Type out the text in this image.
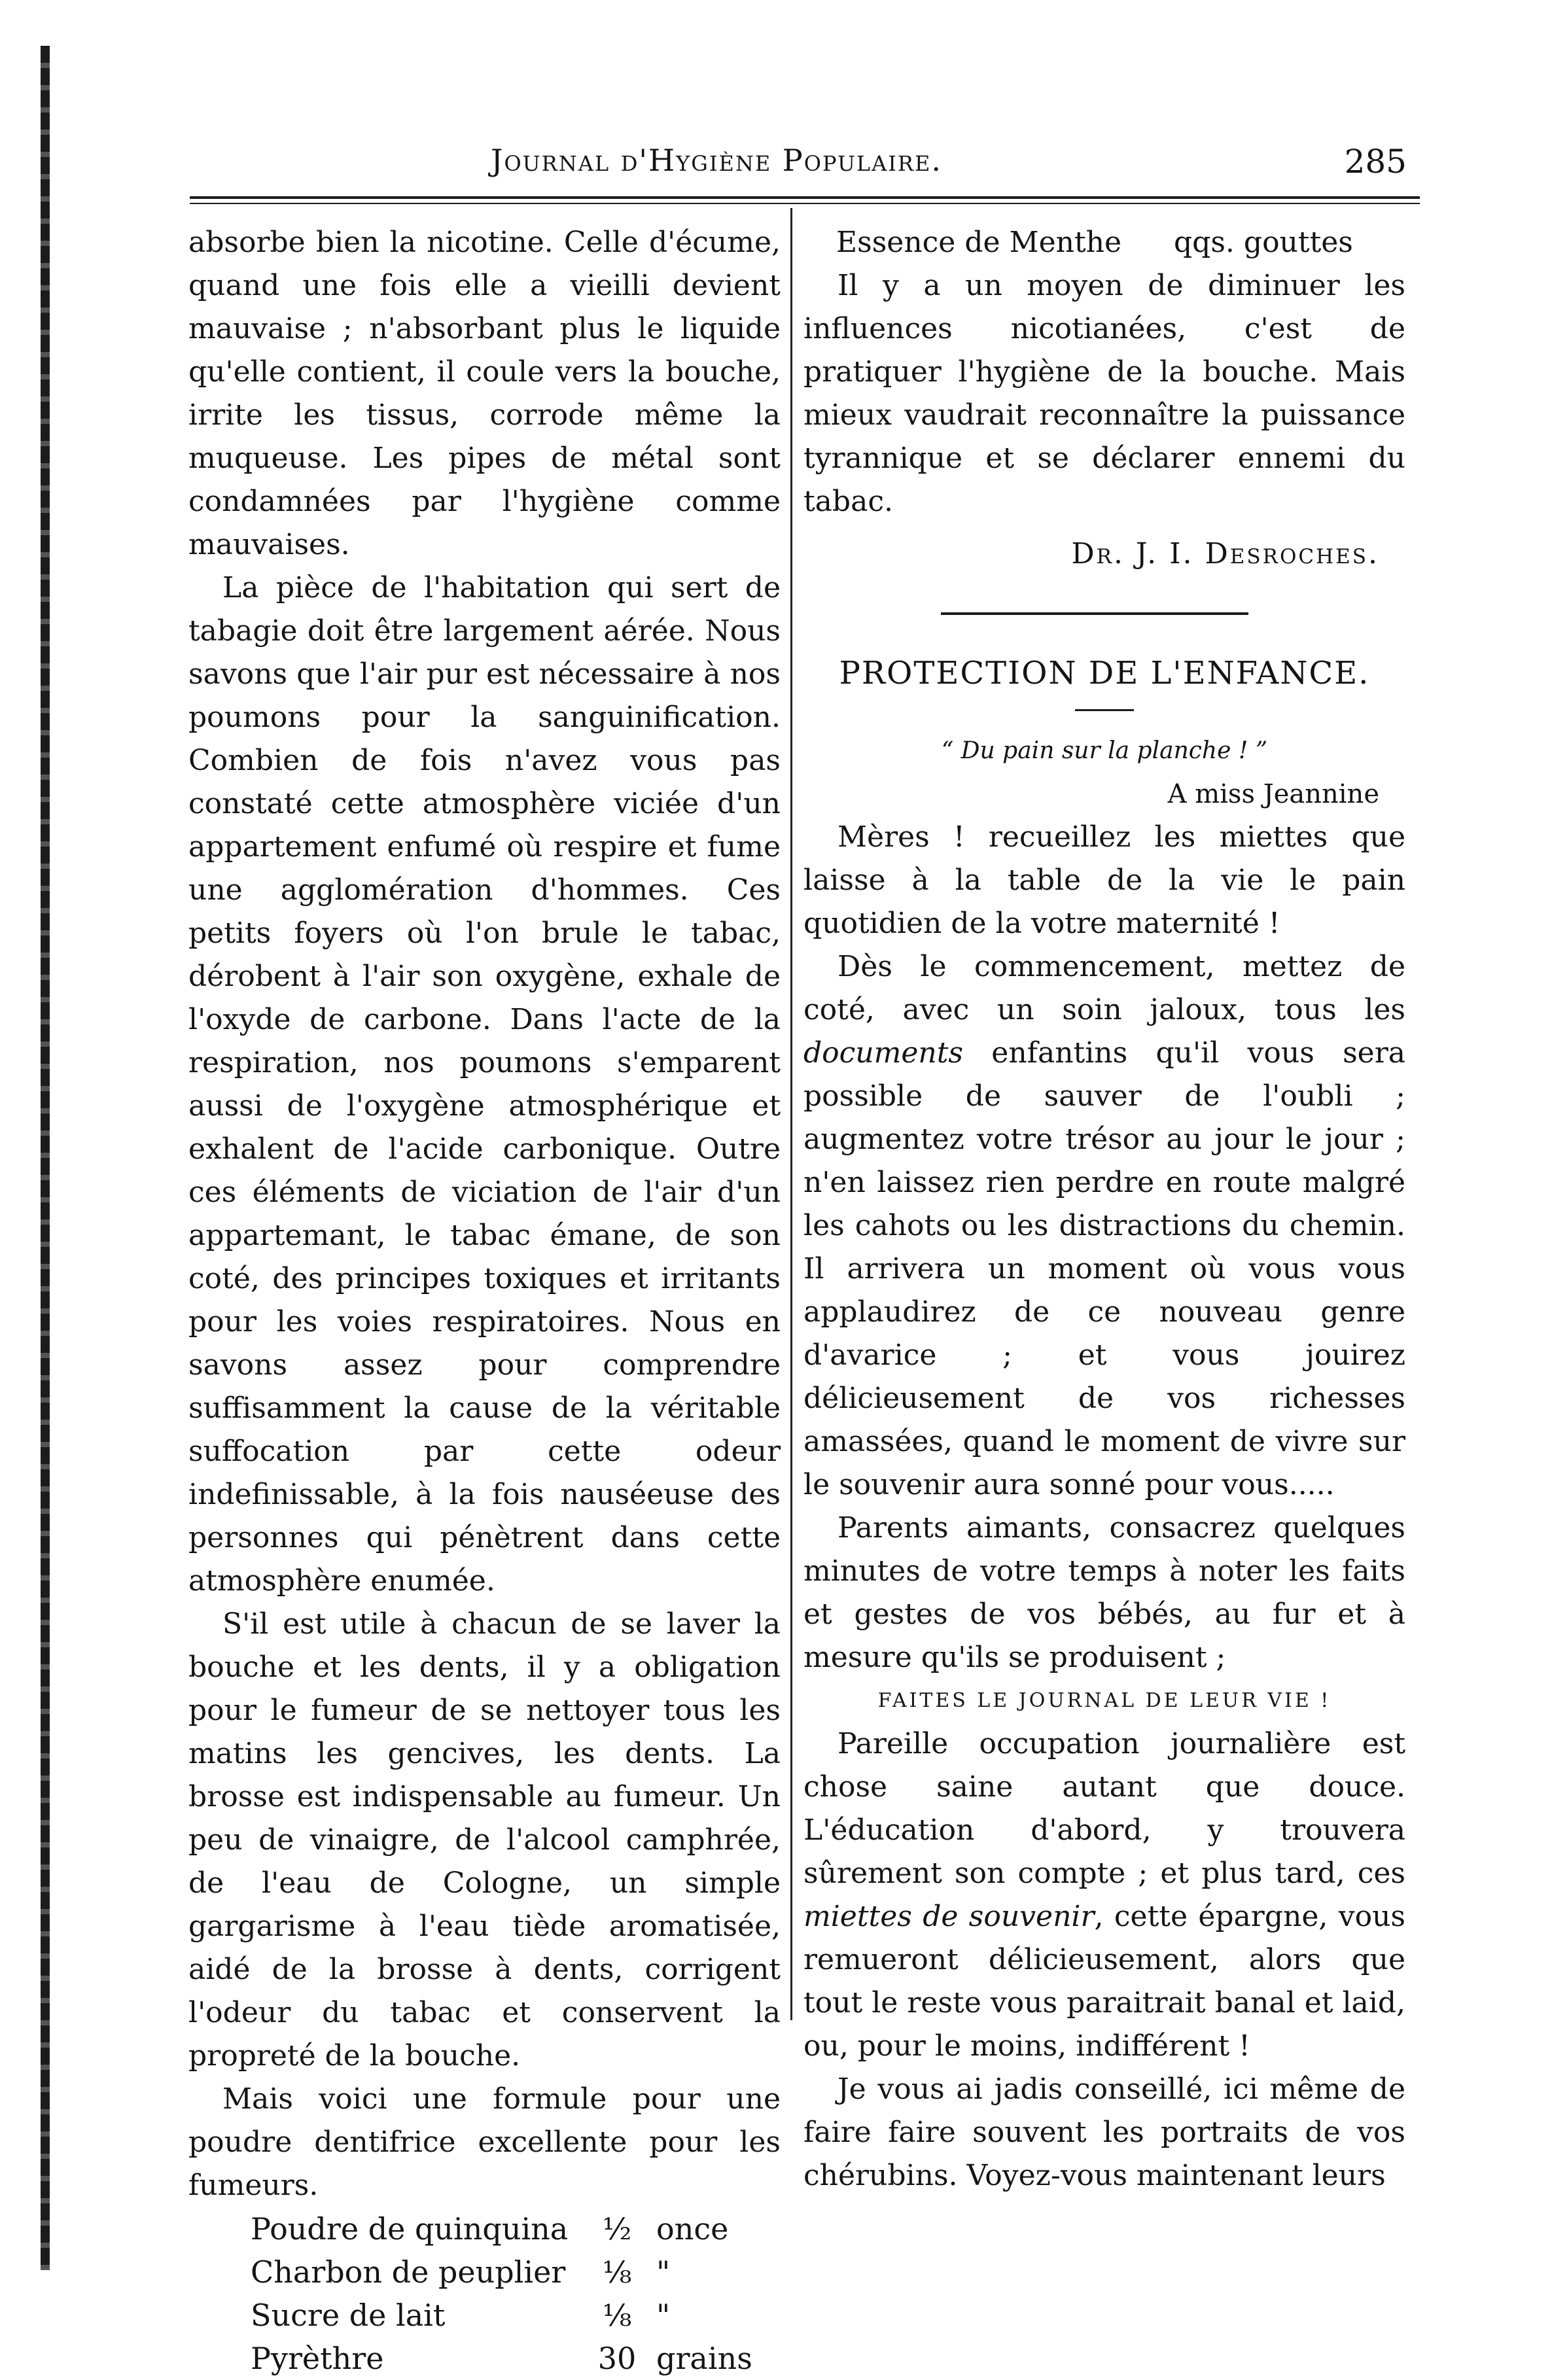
Journal d'Hygiène Populaire.	285

absorbe bien la nicotine. Celle d'écume, quand une fois elle a vieilli devient mauvaise ; n'absorbant plus le liquide qu'elle contient, il coule vers la bouche, irrite les tissus, corrode même la muqueuse. Les pipes de métal sont condamnées par l'hygiène comme mauvaises.

La pièce de l'habitation qui sert de tabagie doit être largement aérée. Nous savons que l'air pur est nécessaire à nos poumons pour la sanguinification. Combien de fois n'avez vous pas constaté cette atmosphère viciée d'un appartement enfumé où respire et fume une agglomération d'hommes. Ces petits foyers où l'on brule le tabac, dérobent à l'air son oxygène, exhale de l'oxyde de carbone. Dans l'acte de la respiration, nos poumons s'emparent aussi de l'oxygène atmosphérique et exhalent de l'acide carbonique. Outre ces éléments de viciation de l'air d'un appartemant, le tabac émane, de son coté, des principes toxiques et irritants pour les voies respiratoires. Nous en savons assez pour comprendre suffisamment la cause de la véritable suffocation par cette odeur indefinissable, à la fois nauséeuse des personnes qui pénètrent dans cette atmosphère enumée.

S'il est utile à chacun de se laver la bouche et les dents, il y a obligation pour le fumeur de se nettoyer tous les matins les gencives, les dents. La brosse est indispensable au fumeur. Un peu de vinaigre, de l'alcool camphrée, de l'eau de Cologne, un simple gargarisme à l'eau tiède aromatisée, aidé de la brosse à dents, corrigent l'odeur du tabac et conservent la propreté de la bouche.

Mais voici une formule pour une poudre dentifrice excellente pour les fumeurs.

Poudre de quinquina	½	once
Charbon de peuplier	⅛	"
Sucre de lait	⅛	"
Pyrèthre	30	grains

Essence de Menthe qqs. gouttes

Il y a un moyen de diminuer les influences nicotianées, c'est de pratiquer l'hygiène de la bouche. Mais mieux vaudrait reconnaître la puissance tyrannique et se déclarer ennemi du tabac.

Dr. J. I. Desroches.

PROTECTION DE L'ENFANCE.

“ Du pain sur la planche ! ”

A miss Jeannine

Mères ! recueillez les miettes que laisse à la table de la vie le pain quotidien de la votre maternité !

Dès le commencement, mettez de coté, avec un soin jaloux, tous les documents enfantins qu'il vous sera possible de sauver de l'oubli ; augmentez votre trésor au jour le jour ; n'en laissez rien perdre en route malgré les cahots ou les distractions du chemin. Il arrivera un moment où vous vous applaudirez de ce nouveau genre d'avarice ; et vous jouirez délicieusement de vos richesses amassées, quand le moment de vivre sur le souvenir aura sonné pour vous.....

Parents aimants, consacrez quelques minutes de votre temps à noter les faits et gestes de vos bébés, au fur et à mesure qu'ils se produisent ;

FAITES LE JOURNAL DE LEUR VIE !

Pareille occupation journalière est chose saine autant que douce. L'éducation d'abord, y trouvera sûrement son compte ; et plus tard, ces miettes de souvenir, cette épargne, vous remueront délicieusement, alors que tout le reste vous paraitrait banal et laid, ou, pour le moins, indifférent !

Je vous ai jadis conseillé, ici même de faire faire souvent les portraits de vos chérubins. Voyez-vous maintenant leurs
